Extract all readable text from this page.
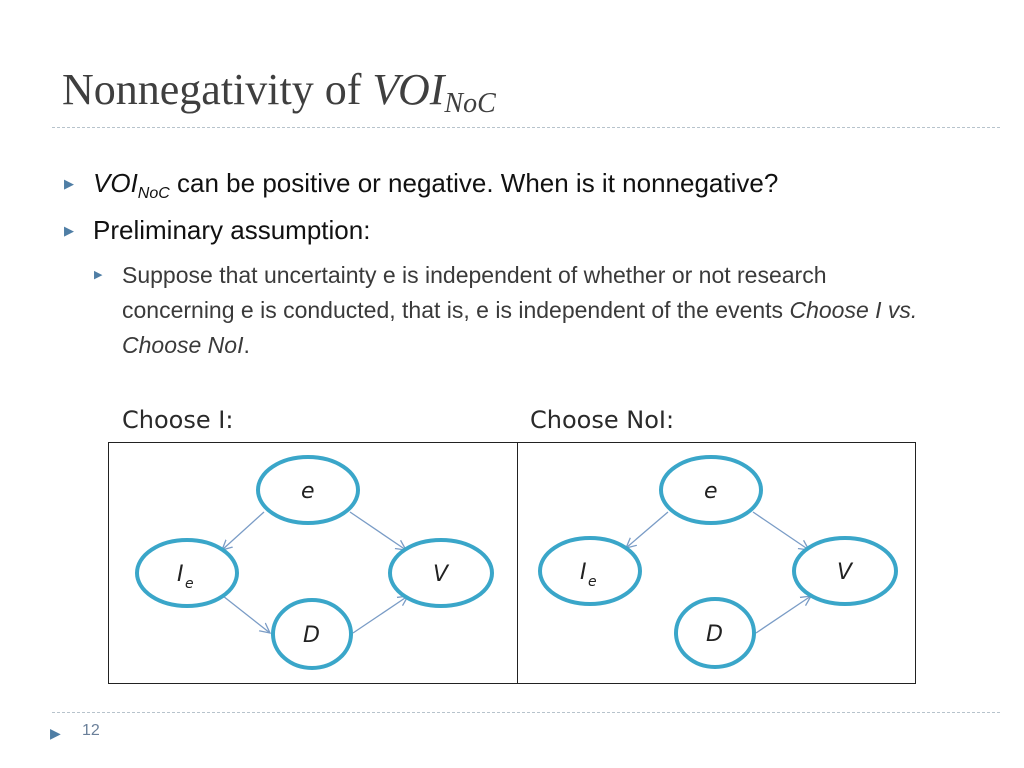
Nonnegativity of $VOI_{NoC}$
▶ $VOI_{NoC}$ can be positive or negative. When is it nonnegative?
▶ Preliminary assumption:
▶ Suppose that uncertainty e is independent of whether or not research concerning e is conducted, that is, e is independent of the events Choose I vs. Choose NoI.
Choose I:	Choose NoI:
e
I e	V
D
e
I e	V
D
▶ 12
